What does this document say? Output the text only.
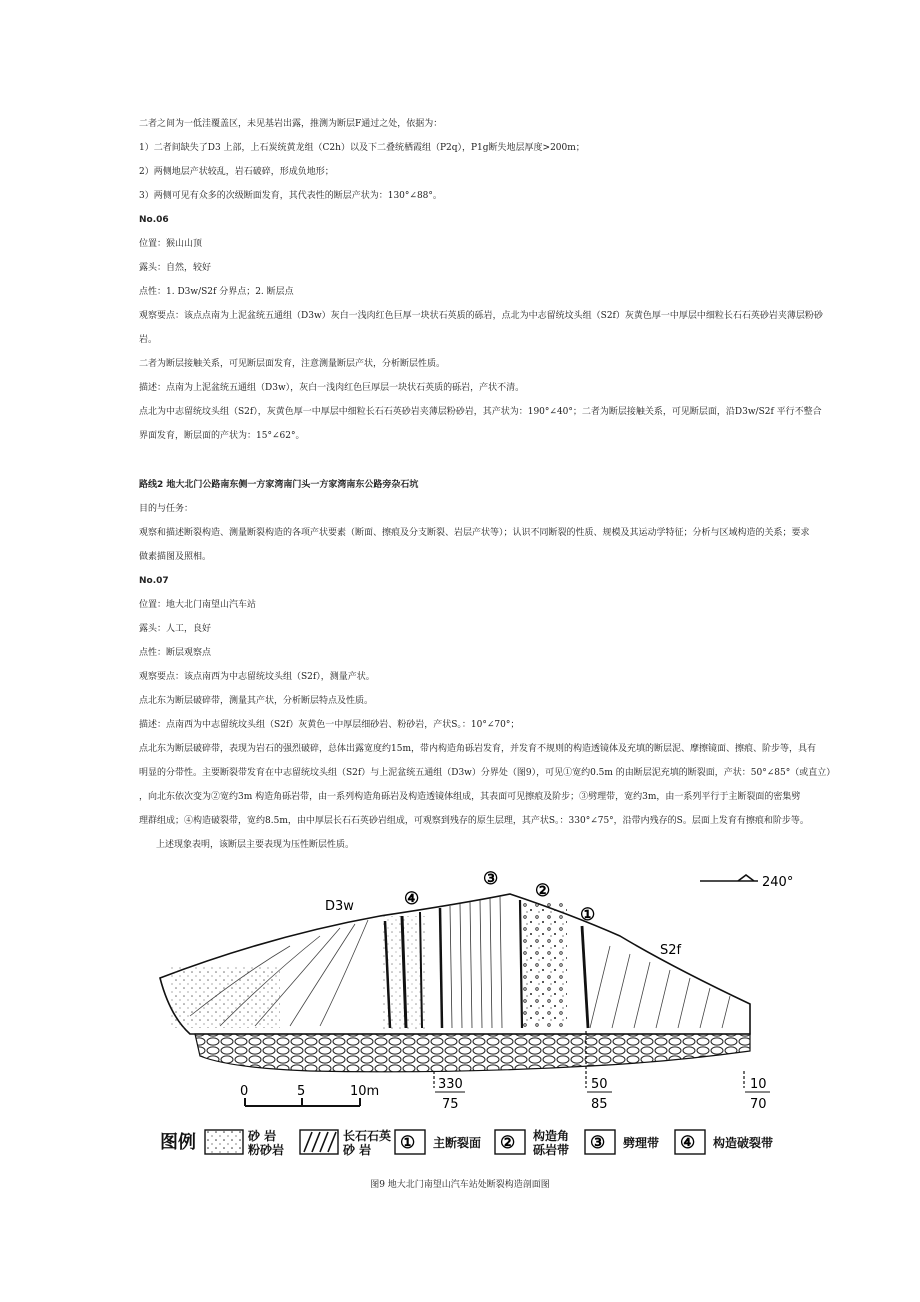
二者之间为一低洼覆盖区，未见基岩出露，推测为断层F通过之处，依据为：
1）二者间缺失了D3 上部，上石炭统黄龙组（C2h）以及下二叠统栖霞组（P2q），P1g断失地层厚度>200m；
2）两侧地层产状较乱，岩石破碎，形成负地形；
3）两侧可见有众多的次级断面发育，其代表性的断层产状为：130°∠88°。
No.06
位置：猴山山顶
露头：自然，较好
点性：1. D3w/S2f 分界点；2. 断层点
观察要点：该点点南为上泥盆统五通组（D3w）灰白一浅肉红色巨厚一块状石英质的砾岩，点北为中志留统坟头组（S2f）灰黄色厚一中厚层中细粒长石石英砂岩夹薄层粉砂
岩。
二者为断层接触关系，可见断层面发育，注意测量断层产状，分析断层性质。
描述：点南为上泥盆统五通组（D3w），灰白一浅肉红色巨厚层一块状石英质的砾岩，产状不清。
点北为中志留统坟头组（S2f），灰黄色厚一中厚层中细粒长石石英砂岩夹薄层粉砂岩，其产状为：190°∠40°；二者为断层接触关系，可见断层面，沿D3w/S2f 平行不整合
界面发育，断层面的产状为：15°∠62°。
路线2 地大北门公路南东侧一方家湾南门头一方家湾南东公路旁杂石坑
目的与任务：
观察和描述断裂构造、测量断裂构造的各项产状要素（断面、擦痕及分支断裂、岩层产状等）；认识不同断裂的性质、规模及其运动学特征；分析与区域构造的关系；要求
做素描图及照相。
No.07
位置：地大北门南望山汽车站
露头：人工，良好
点性：断层观察点
观察要点：该点南西为中志留统坟头组（S2f），测量产状。
点北东为断层破碎带，测量其产状，分析断层特点及性质。
描述：点南西为中志留统坟头组（S2f）灰黄色一中厚层细砂岩、粉砂岩，产状S。：10°∠70°；
点北东为断层破碎带，表现为岩石的强烈破碎，总体出露宽度约15m，带内构造角砾岩发育，并发育不规则的构造透镜体及充填的断层泥、摩擦镜面、擦痕、阶步等，具有
明显的分带性。主要断裂带发育在中志留统坟头组（S2f）与上泥盆统五通组（D3w）分界处（图9），可见①宽约0.5m 的由断层泥充填的断裂面，产状：50°∠85°（或直立）
，向北东依次变为②宽约3m 构造角砾岩带，由一系列构造角砾岩及构造透镜体组成，其表面可见擦痕及阶步；③劈理带，宽约3m，由一系列平行于主断裂面的密集劈
理群组成；④构造破裂带，宽约8.5m，由中厚层长石石英砂岩组成，可观察到残存的原生层理，其产状S。：330°∠75°，沿带内残存的S。层面上发育有擦痕和阶步等。
上述现象表明，该断层主要表现为压性断层性质。
240°
D3w
S2f
③
②
①
④
0	5	10m	330
75
50
85
10
70
图例	砂 岩
粉砂岩
长石石英
砂 岩 ① 主断裂面 ② 构造角
砾岩带 ③ 劈理带 ④ 构造破裂带
图9 地大北门南望山汽车站处断裂构造剖面图
